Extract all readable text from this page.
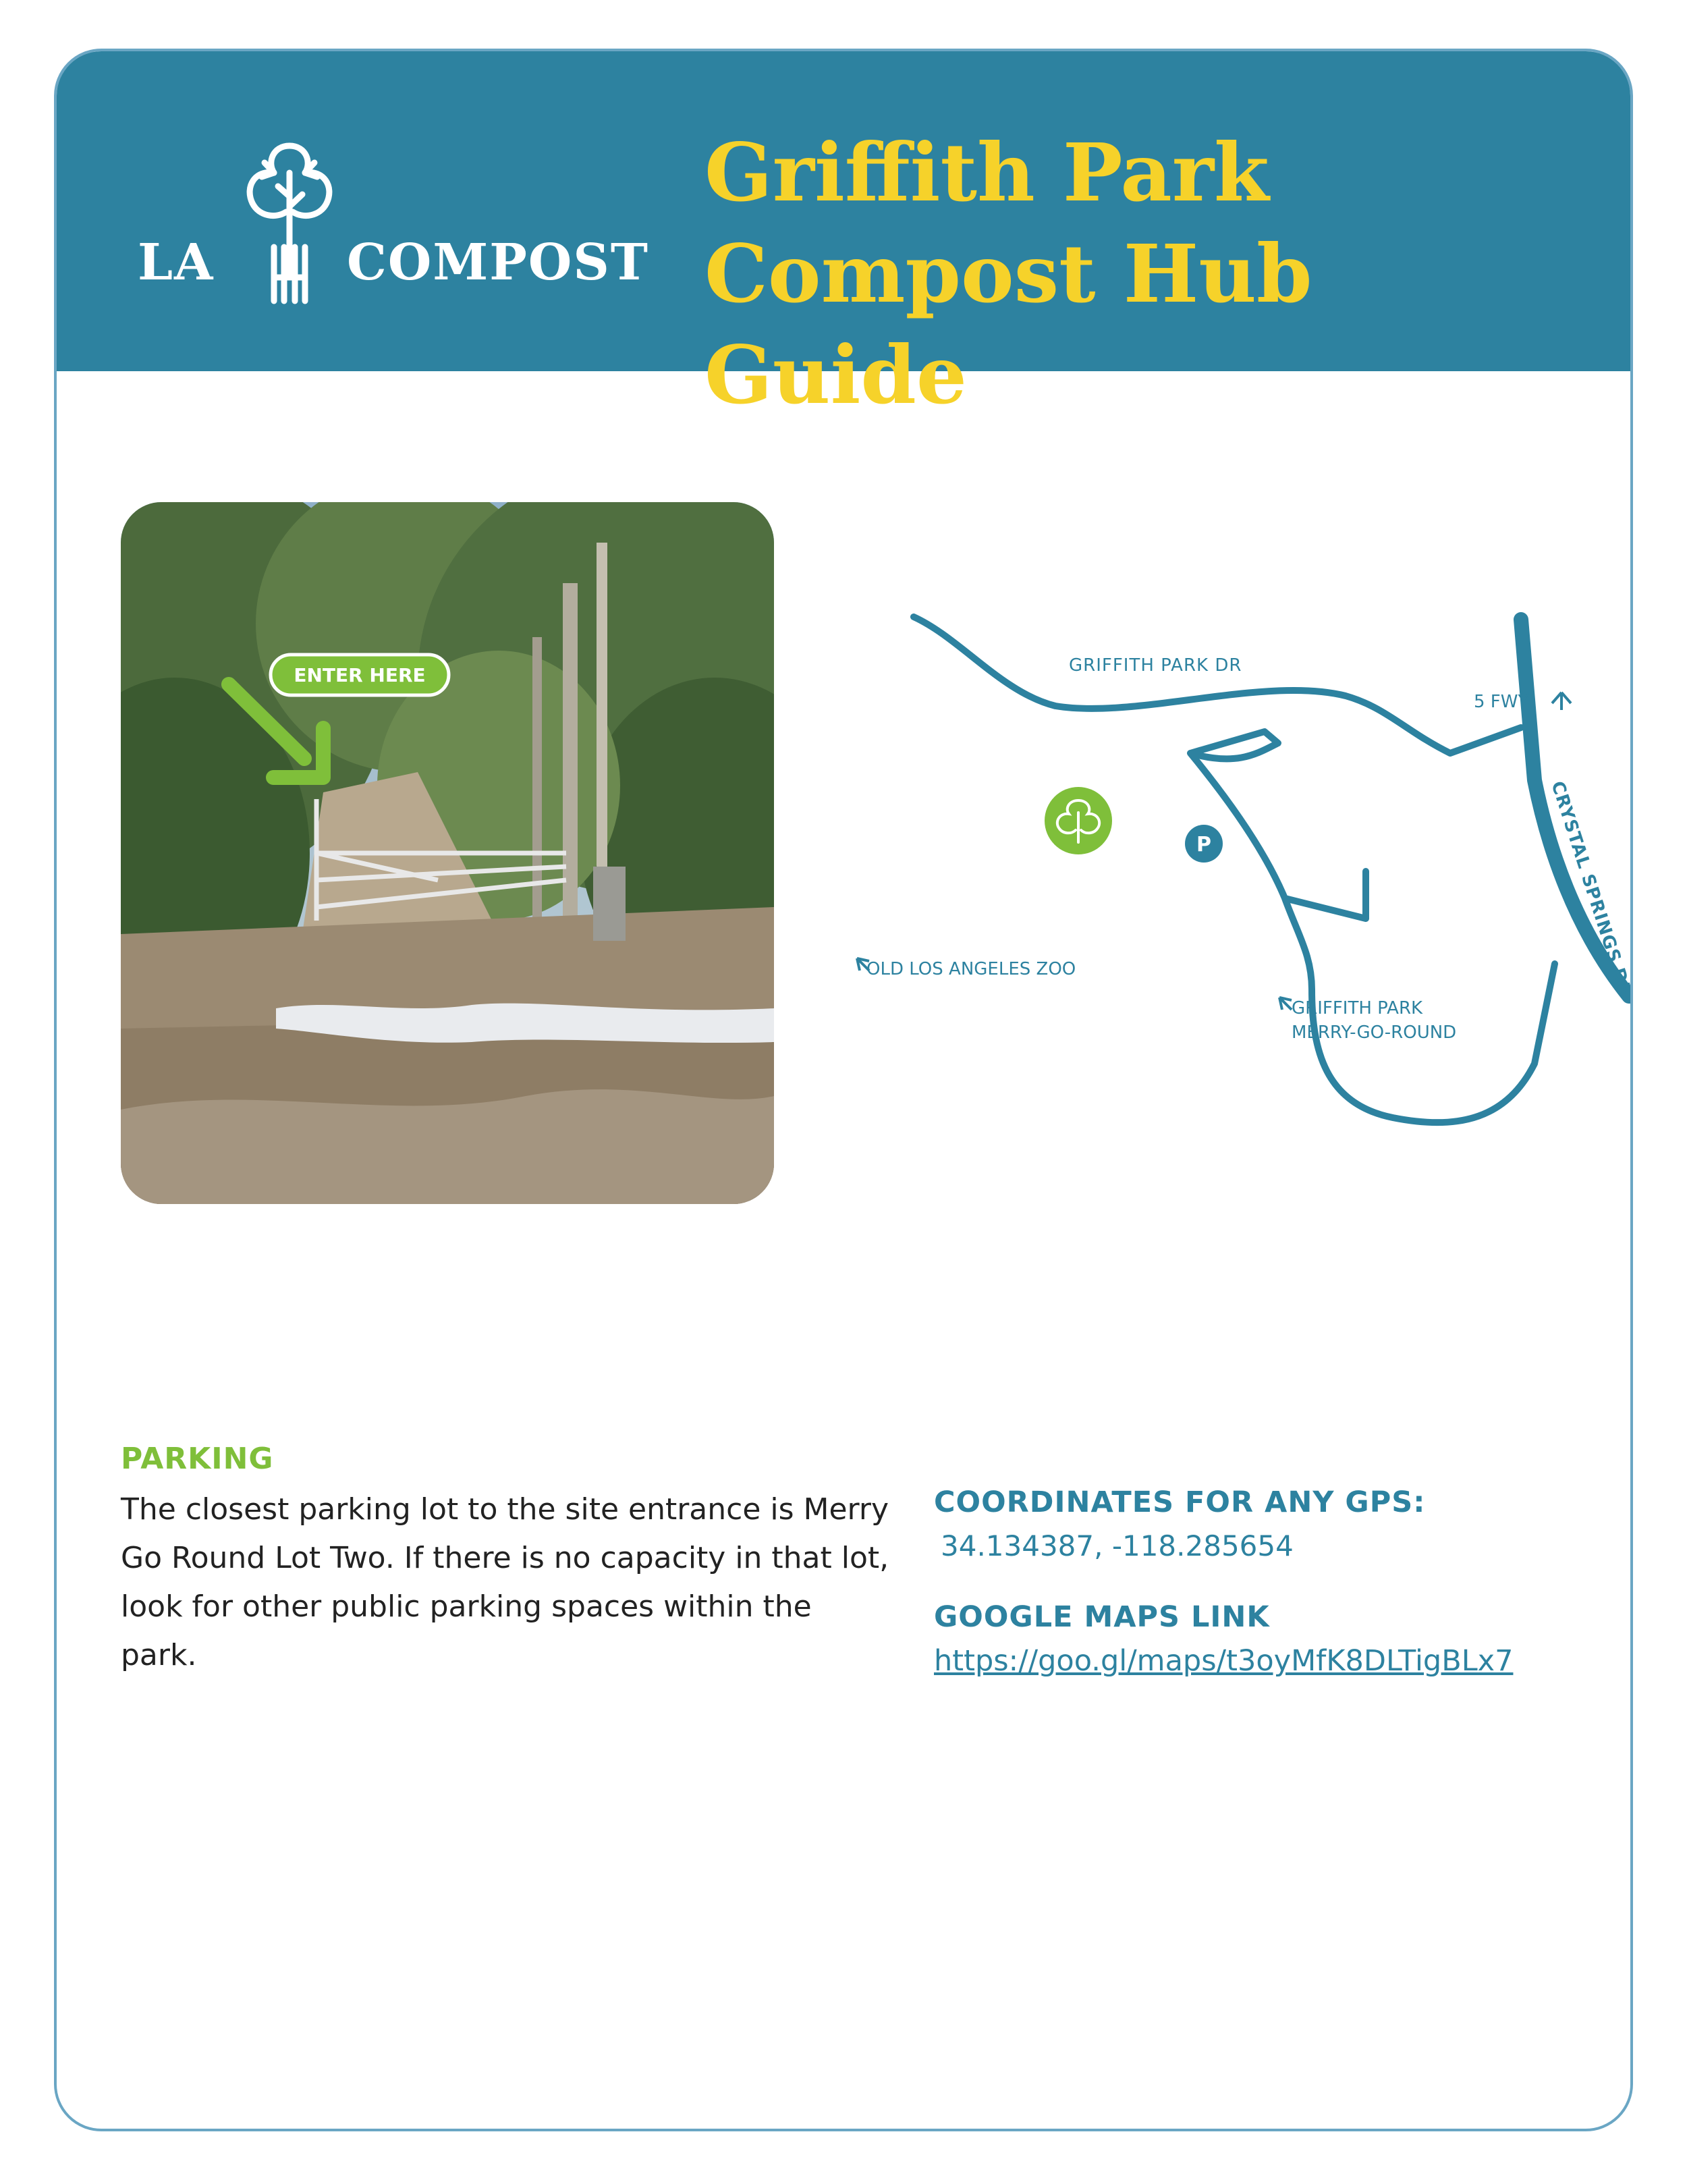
LA	COMPOST
Griffith Park
Compost Hub Guide
ENTER HERE	GRIFFITH PARK DR
5 FWY
CRYSTAL SPRINGS DR
OLD LOS ANGELES ZOO
GRIFFITH PARK
MERRY-GO-ROUND
P
PARKING

The closest parking lot to the site entrance is Merry Go Round Lot Two. If there is no capacity in that lot, look for other public parking spaces within the park.

COORDINATES FOR ANY GPS:

34.134387, -118.285654

GOOGLE MAPS LINK
https://goo.gl/maps/t3oyMfK8DLTigBLx7
